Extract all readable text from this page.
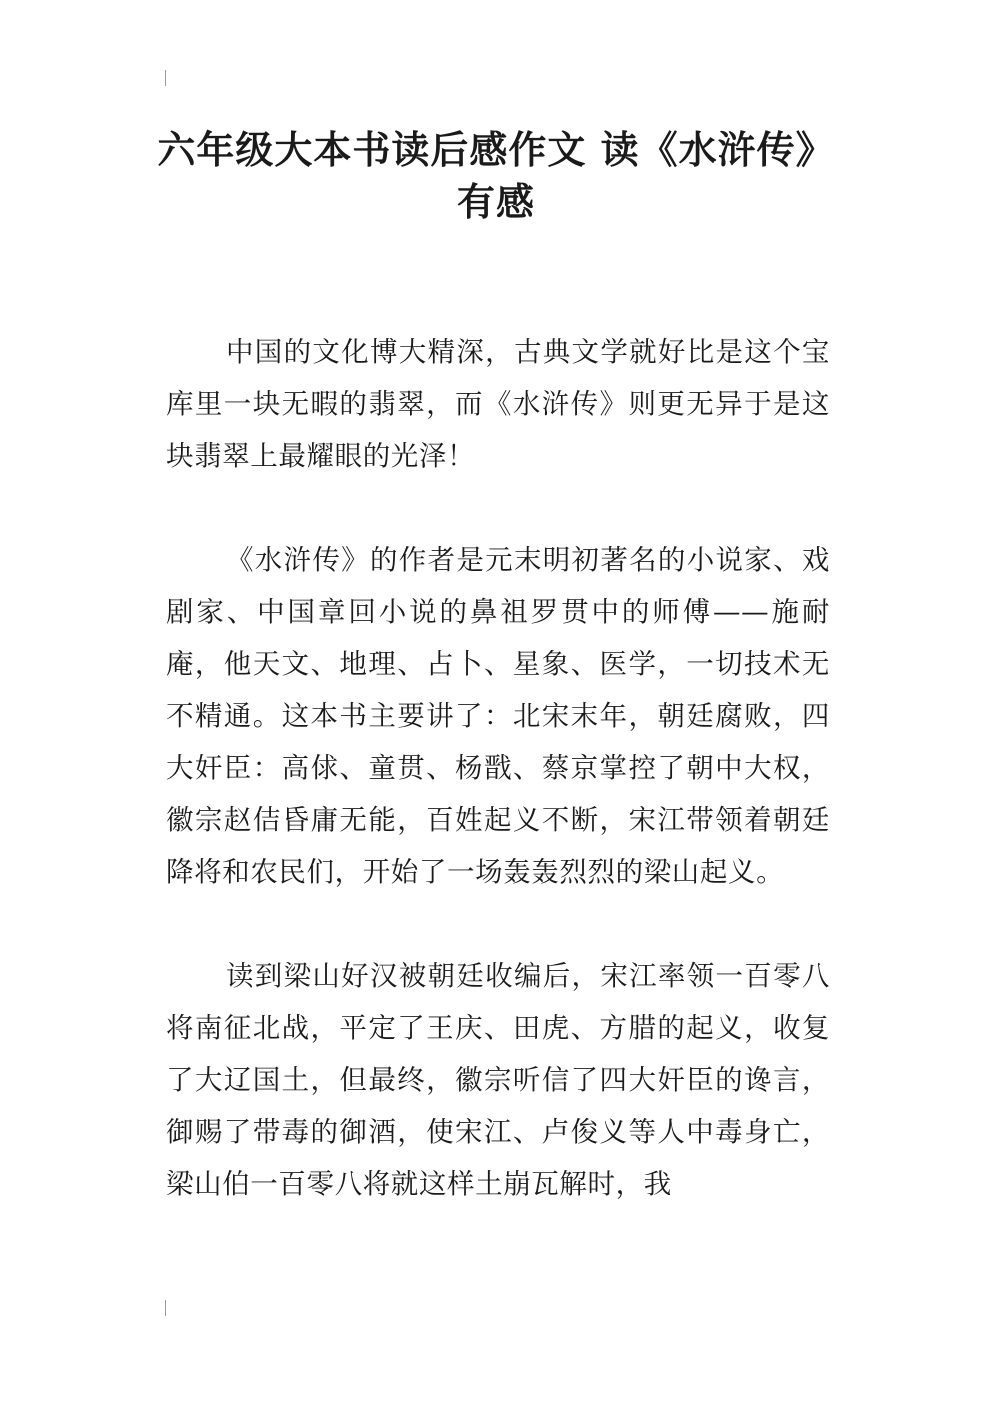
六年级大本书读后感作文 读《水浒传》有感

中国的文化博大精深，古典文学就好比是这个宝库里一块无暇的翡翠，而《水浒传》则更无异于是这块翡翠上最耀眼的光泽！

《水浒传》的作者是元末明初著名的小说家、戏剧家、中国章回小说的鼻祖罗贯中的师傅——施耐庵，他天文、地理、占卜、星象、医学，一切技术无不精通。这本书主要讲了：北宋末年，朝廷腐败，四大奸臣：高俅、童贯、杨戬、蔡京掌控了朝中大权，徽宗赵佶昏庸无能，百姓起义不断，宋江带领着朝廷降将和农民们，开始了一场轰轰烈烈的梁山起义。

读到梁山好汉被朝廷收编后，宋江率领一百零八将南征北战，平定了王庆、田虎、方腊的起义，收复了大辽国土，但最终，徽宗听信了四大奸臣的谗言，御赐了带毒的御酒，使宋江、卢俊义等人中毒身亡，梁山伯一百零八将就这样土崩瓦解时，我
